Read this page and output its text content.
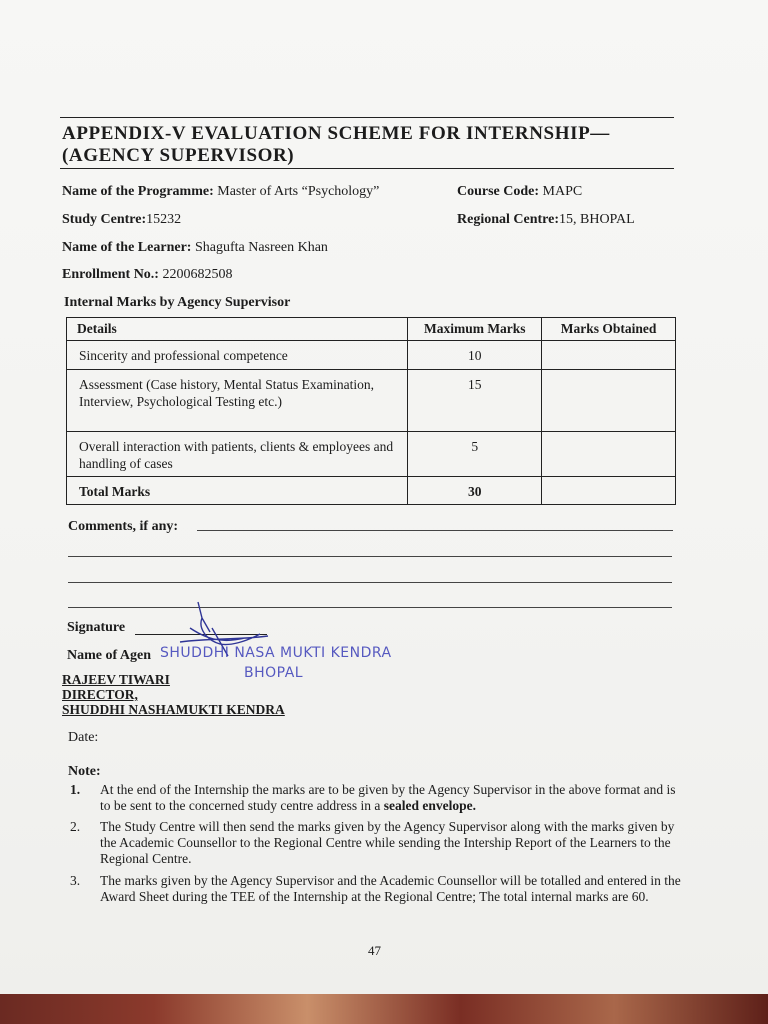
APPENDIX-V EVALUATION SCHEME FOR INTERNSHIP—
(AGENCY SUPERVISOR)
Name of the Programme: Master of Arts “Psychology”	Course Code: MAPC
Study Centre:15232	Regional Centre:15, BHOPAL
Name of the Learner: Shagufta Nasreen Khan
Enrollment No.: 2200682508
Internal Marks by Agency Supervisor
Details	Maximum Marks	Marks Obtained
Sincerity and professional competence	10	
Assessment (Case history, Mental Status Examination, Interview, Psychological Testing etc.)	15	
Overall interaction with patients, clients & employees and handling of cases	5	
Total Marks	30	
Comments, if any:
Signature
Name of Agen SHUDDHI NASA MUKTI KENDRA
BHOPAL
RAJEEV TIWARI
DIRECTOR,
SHUDDHI NASHAMUKTI KENDRA
Date:
Note:
1.	At the end of the Internship the marks are to be given by the Agency Supervisor in the above format and is to be sent to the concerned study centre address in a sealed envelope.
2.	The Study Centre will then send the marks given by the Agency Supervisor along with the marks given by the Academic Counsellor to the Regional Centre while sending the Intership Report of the Learners to the Regional Centre.
3.	The marks given by the Agency Supervisor and the Academic Counsellor will be totalled and entered in the Award Sheet during the TEE of the Internship at the Regional Centre; The total internal marks are 60.
47
